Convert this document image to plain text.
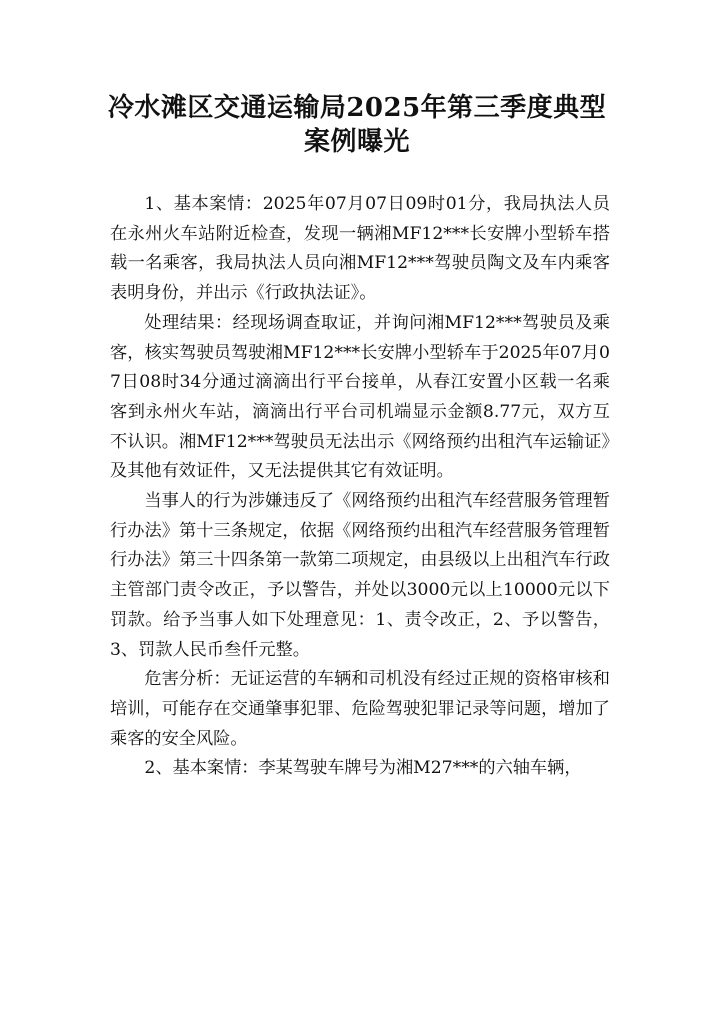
冷水滩区交通运输局2025年第三季度典型
案例曝光

1、基本案情：2025年07月07日09时01分，我局执法人员在永州火车站附近检查，发现一辆湘MF12***长安牌小型轿车搭载一名乘客，我局执法人员向湘MF12***驾驶员陶文及车内乘客表明身份，并出示《行政执法证》。

处理结果：经现场调查取证，并询问湘MF12***驾驶员及乘客，核实驾驶员驾驶湘MF12***长安牌小型轿车于2025年07月07日08时34分通过滴滴出行平台接单，从春江安置小区载一名乘客到永州火车站，滴滴出行平台司机端显示金额8.77元，双方互不认识。湘MF12***驾驶员无法出示《网络预约出租汽车运输证》及其他有效证件，又无法提供其它有效证明。

当事人的行为涉嫌违反了《网络预约出租汽车经营服务管理暂行办法》第十三条规定，依据《网络预约出租汽车经营服务管理暂行办法》第三十四条第一款第二项规定，由县级以上出租汽车行政主管部门责令改正，予以警告，并处以3000元以上10000元以下罚款。给予当事人如下处理意见：1、责令改正，2、予以警告，3、罚款人民币叁仟元整。

危害分析：无证运营的车辆和司机没有经过正规的资格审核和培训，可能存在交通肇事犯罪、危险驾驶犯罪记录等问题，增加了乘客的安全风险。

2、基本案情：李某驾驶车牌号为湘M27***的六轴车辆，
